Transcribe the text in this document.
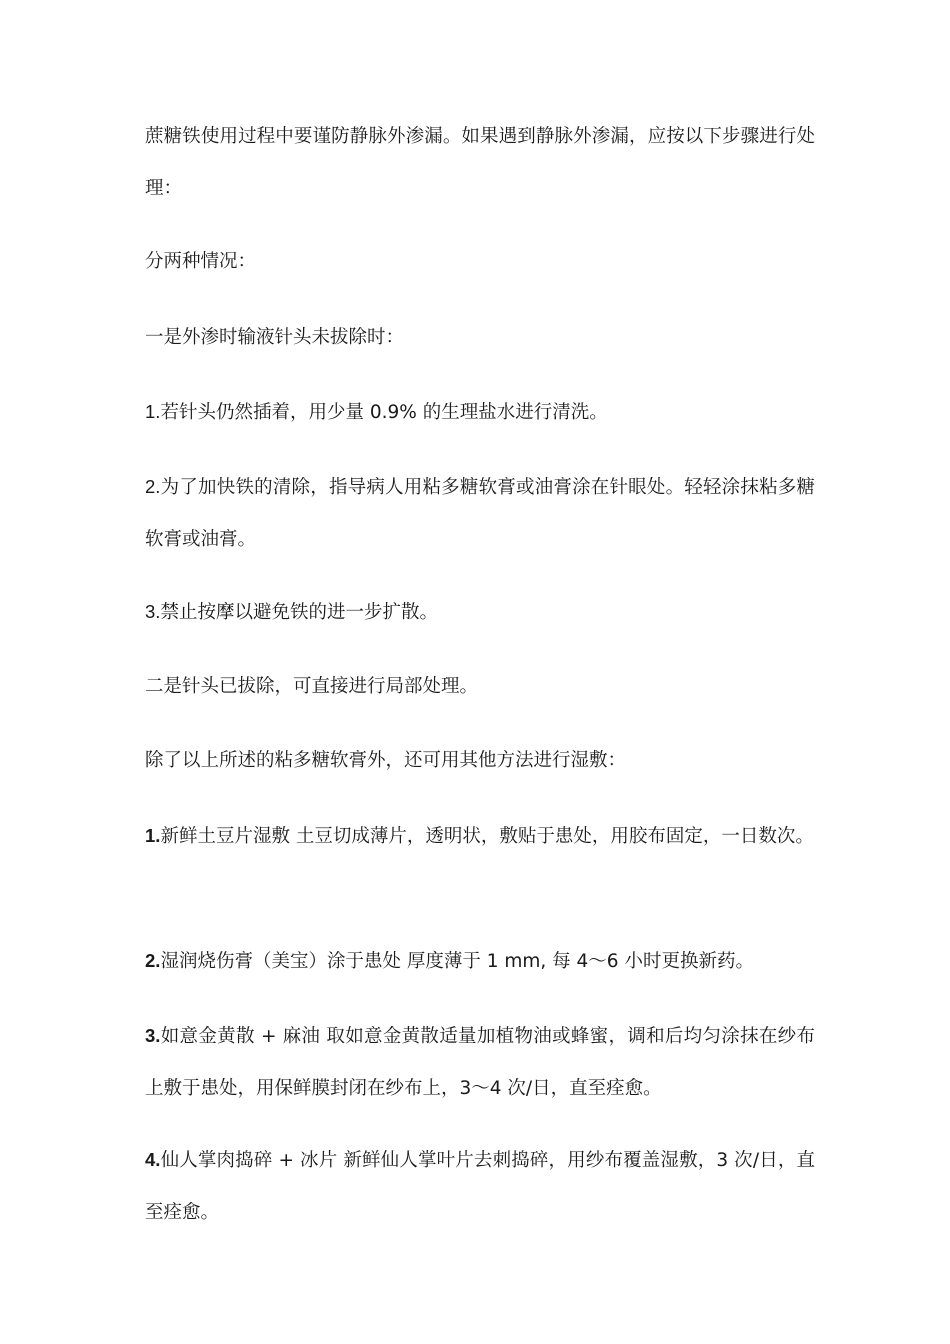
蔗糖铁使用过程中要谨防静脉外渗漏。如果遇到静脉外渗漏，应按以下步骤进行处理：

分两种情况：

一是外渗时输液针头未拔除时：

1.若针头仍然插着，用少量 0.9% 的生理盐水进行清洗。

2.为了加快铁的清除，指导病人用粘多糖软膏或油膏涂在针眼处。轻轻涂抹粘多糖软膏或油膏。

3.禁止按摩以避免铁的进一步扩散。

二是针头已拔除，可直接进行局部处理。

除了以上所述的粘多糖软膏外，还可用其他方法进行湿敷：

1.新鲜土豆片湿敷 土豆切成薄片，透明状，敷贴于患处，用胶布固定，一日数次。

2.湿润烧伤膏（美宝）涂于患处 厚度薄于 1 mm, 每 4～6 小时更换新药。

3.如意金黄散 + 麻油 取如意金黄散适量加植物油或蜂蜜，调和后均匀涂抹在纱布上敷于患处，用保鲜膜封闭在纱布上，3～4 次/日，直至痊愈。

4.仙人掌肉捣碎 + 冰片 新鲜仙人掌叶片去刺捣碎，用纱布覆盖湿敷，3 次/日，直至痊愈。
